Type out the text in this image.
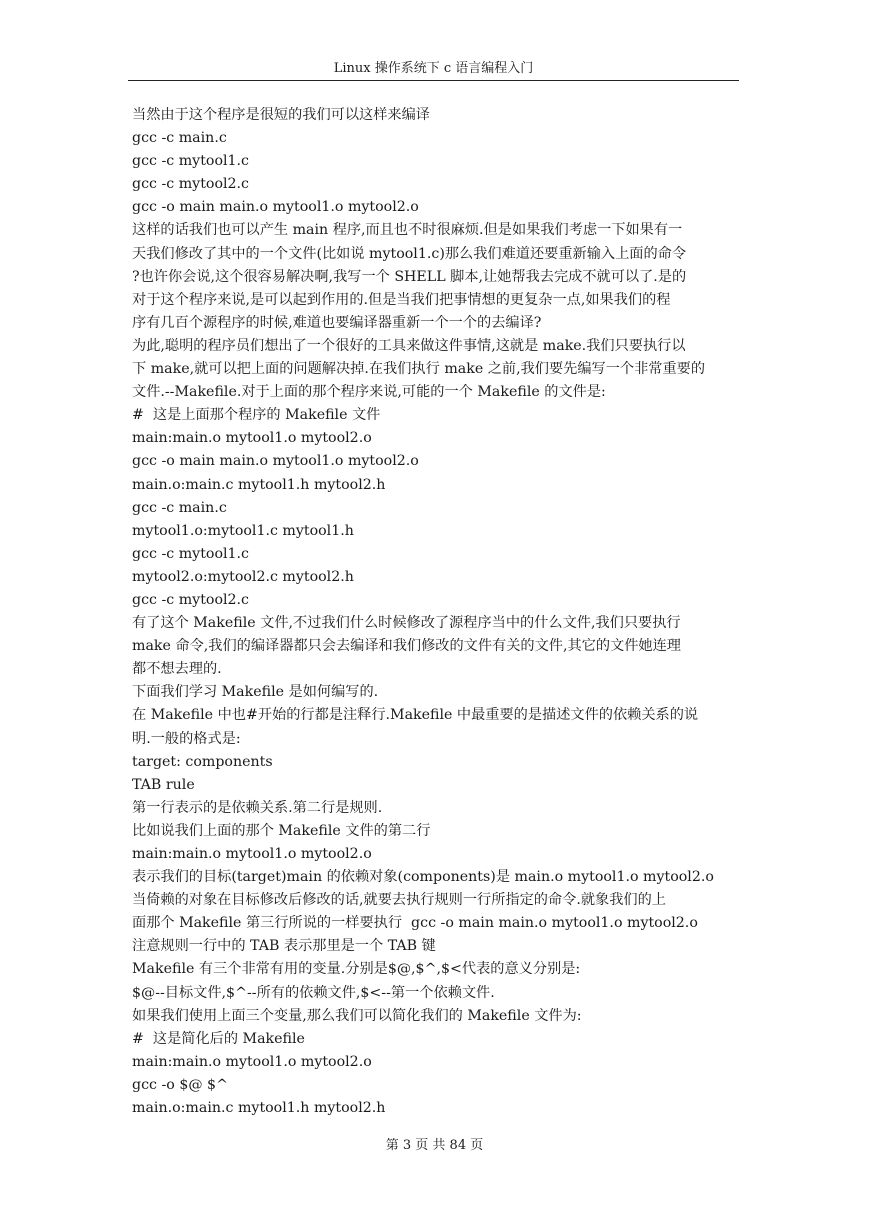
Linux 操作系统下 c 语言编程入门
当然由于这个程序是很短的我们可以这样来编译
gcc -c main.c
gcc -c mytool1.c
gcc -c mytool2.c
gcc -o main main.o mytool1.o mytool2.o
这样的话我们也可以产生 main 程序,而且也不时很麻烦.但是如果我们考虑一下如果有一
天我们修改了其中的一个文件(比如说 mytool1.c)那么我们难道还要重新输入上面的命令
?也许你会说,这个很容易解决啊,我写一个 SHELL 脚本,让她帮我去完成不就可以了.是的
对于这个程序来说,是可以起到作用的.但是当我们把事情想的更复杂一点,如果我们的程
序有几百个源程序的时候,难道也要编译器重新一个一个的去编译?
为此,聪明的程序员们想出了一个很好的工具来做这件事情,这就是 make.我们只要执行以
下 make,就可以把上面的问题解决掉.在我们执行 make 之前,我们要先编写一个非常重要的
文件.--Makefile.对于上面的那个程序来说,可能的一个 Makefile 的文件是:
#  这是上面那个程序的 Makefile 文件
main:main.o mytool1.o mytool2.o
gcc -o main main.o mytool1.o mytool2.o
main.o:main.c mytool1.h mytool2.h
gcc -c main.c
mytool1.o:mytool1.c mytool1.h
gcc -c mytool1.c
mytool2.o:mytool2.c mytool2.h
gcc -c mytool2.c
有了这个 Makefile 文件,不过我们什么时候修改了源程序当中的什么文件,我们只要执行
make 命令,我们的编译器都只会去编译和我们修改的文件有关的文件,其它的文件她连理
都不想去理的.
下面我们学习 Makefile 是如何编写的.
在 Makefile 中也#开始的行都是注释行.Makefile 中最重要的是描述文件的依赖关系的说
明.一般的格式是:
target: components
TAB rule
第一行表示的是依赖关系.第二行是规则.
比如说我们上面的那个 Makefile 文件的第二行
main:main.o mytool1.o mytool2.o
表示我们的目标(target)main 的依赖对象(components)是 main.o mytool1.o mytool2.o
当倚赖的对象在目标修改后修改的话,就要去执行规则一行所指定的命令.就象我们的上
面那个 Makefile 第三行所说的一样要执行  gcc -o main main.o mytool1.o mytool2.o
注意规则一行中的 TAB 表示那里是一个 TAB 键
Makefile 有三个非常有用的变量.分别是$@,$^,$<代表的意义分别是:
$@--目标文件,$^--所有的依赖文件,$<--第一个依赖文件.
如果我们使用上面三个变量,那么我们可以简化我们的 Makefile 文件为:
#  这是简化后的 Makefile
main:main.o mytool1.o mytool2.o
gcc -o $@ $^
main.o:main.c mytool1.h mytool2.h
第 3 页 共 84 页
